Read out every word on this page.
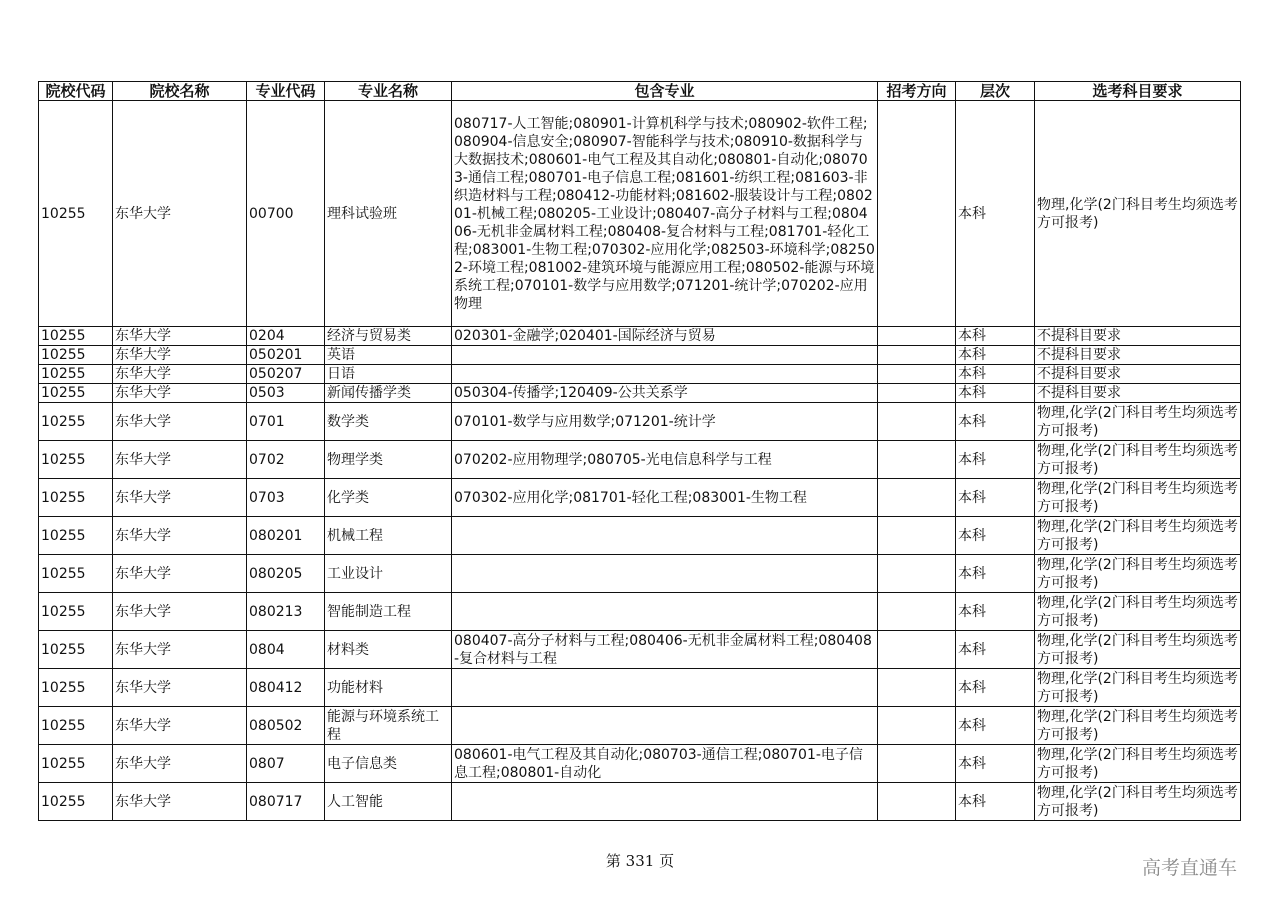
院校代码	院校名称	专业代码	专业名称	包含专业	招考方向	层次	选考科目要求
10255	东华大学	00700	理科试验班	080717-人工智能;080901-计算机科学与技术;080902-软件工程;080904-信息安全;080907-智能科学与技术;080910-数据科学与大数据技术;080601-电气工程及其自动化;080801-自动化;080703-通信工程;080701-电子信息工程;081601-纺织工程;081603-非织造材料与工程;080412-功能材料;081602-服装设计与工程;080201-机械工程;080205-工业设计;080407-高分子材料与工程;080406-无机非金属材料工程;080408-复合材料与工程;081701-轻化工程;083001-生物工程;070302-应用化学;082503-环境科学;082502-环境工程;081002-建筑环境与能源应用工程;080502-能源与环境系统工程;070101-数学与应用数学;071201-统计学;070202-应用物理		本科	物理,化学(2门科目考生均须选考方可报考)
10255	东华大学	0204	经济与贸易类	020301-金融学;020401-国际经济与贸易		本科	不提科目要求
10255	东华大学	050201	英语			本科	不提科目要求
10255	东华大学	050207	日语			本科	不提科目要求
10255	东华大学	0503	新闻传播学类	050304-传播学;120409-公共关系学		本科	不提科目要求
10255	东华大学	0701	数学类	070101-数学与应用数学;071201-统计学		本科	物理,化学(2门科目考生均须选考方可报考)
10255	东华大学	0702	物理学类	070202-应用物理学;080705-光电信息科学与工程		本科	物理,化学(2门科目考生均须选考方可报考)
10255	东华大学	0703	化学类	070302-应用化学;081701-轻化工程;083001-生物工程		本科	物理,化学(2门科目考生均须选考方可报考)
10255	东华大学	080201	机械工程			本科	物理,化学(2门科目考生均须选考方可报考)
10255	东华大学	080205	工业设计			本科	物理,化学(2门科目考生均须选考方可报考)
10255	东华大学	080213	智能制造工程			本科	物理,化学(2门科目考生均须选考方可报考)
10255	东华大学	0804	材料类	080407-高分子材料与工程;080406-无机非金属材料工程;080408-复合材料与工程		本科	物理,化学(2门科目考生均须选考方可报考)
10255	东华大学	080412	功能材料			本科	物理,化学(2门科目考生均须选考方可报考)
10255	东华大学	080502	能源与环境系统工程			本科	物理,化学(2门科目考生均须选考方可报考)
10255	东华大学	0807	电子信息类	080601-电气工程及其自动化;080703-通信工程;080701-电子信息工程;080801-自动化		本科	物理,化学(2门科目考生均须选考方可报考)
10255	东华大学	080717	人工智能			本科	物理,化学(2门科目考生均须选考方可报考)
第 331 页	高考直通车
